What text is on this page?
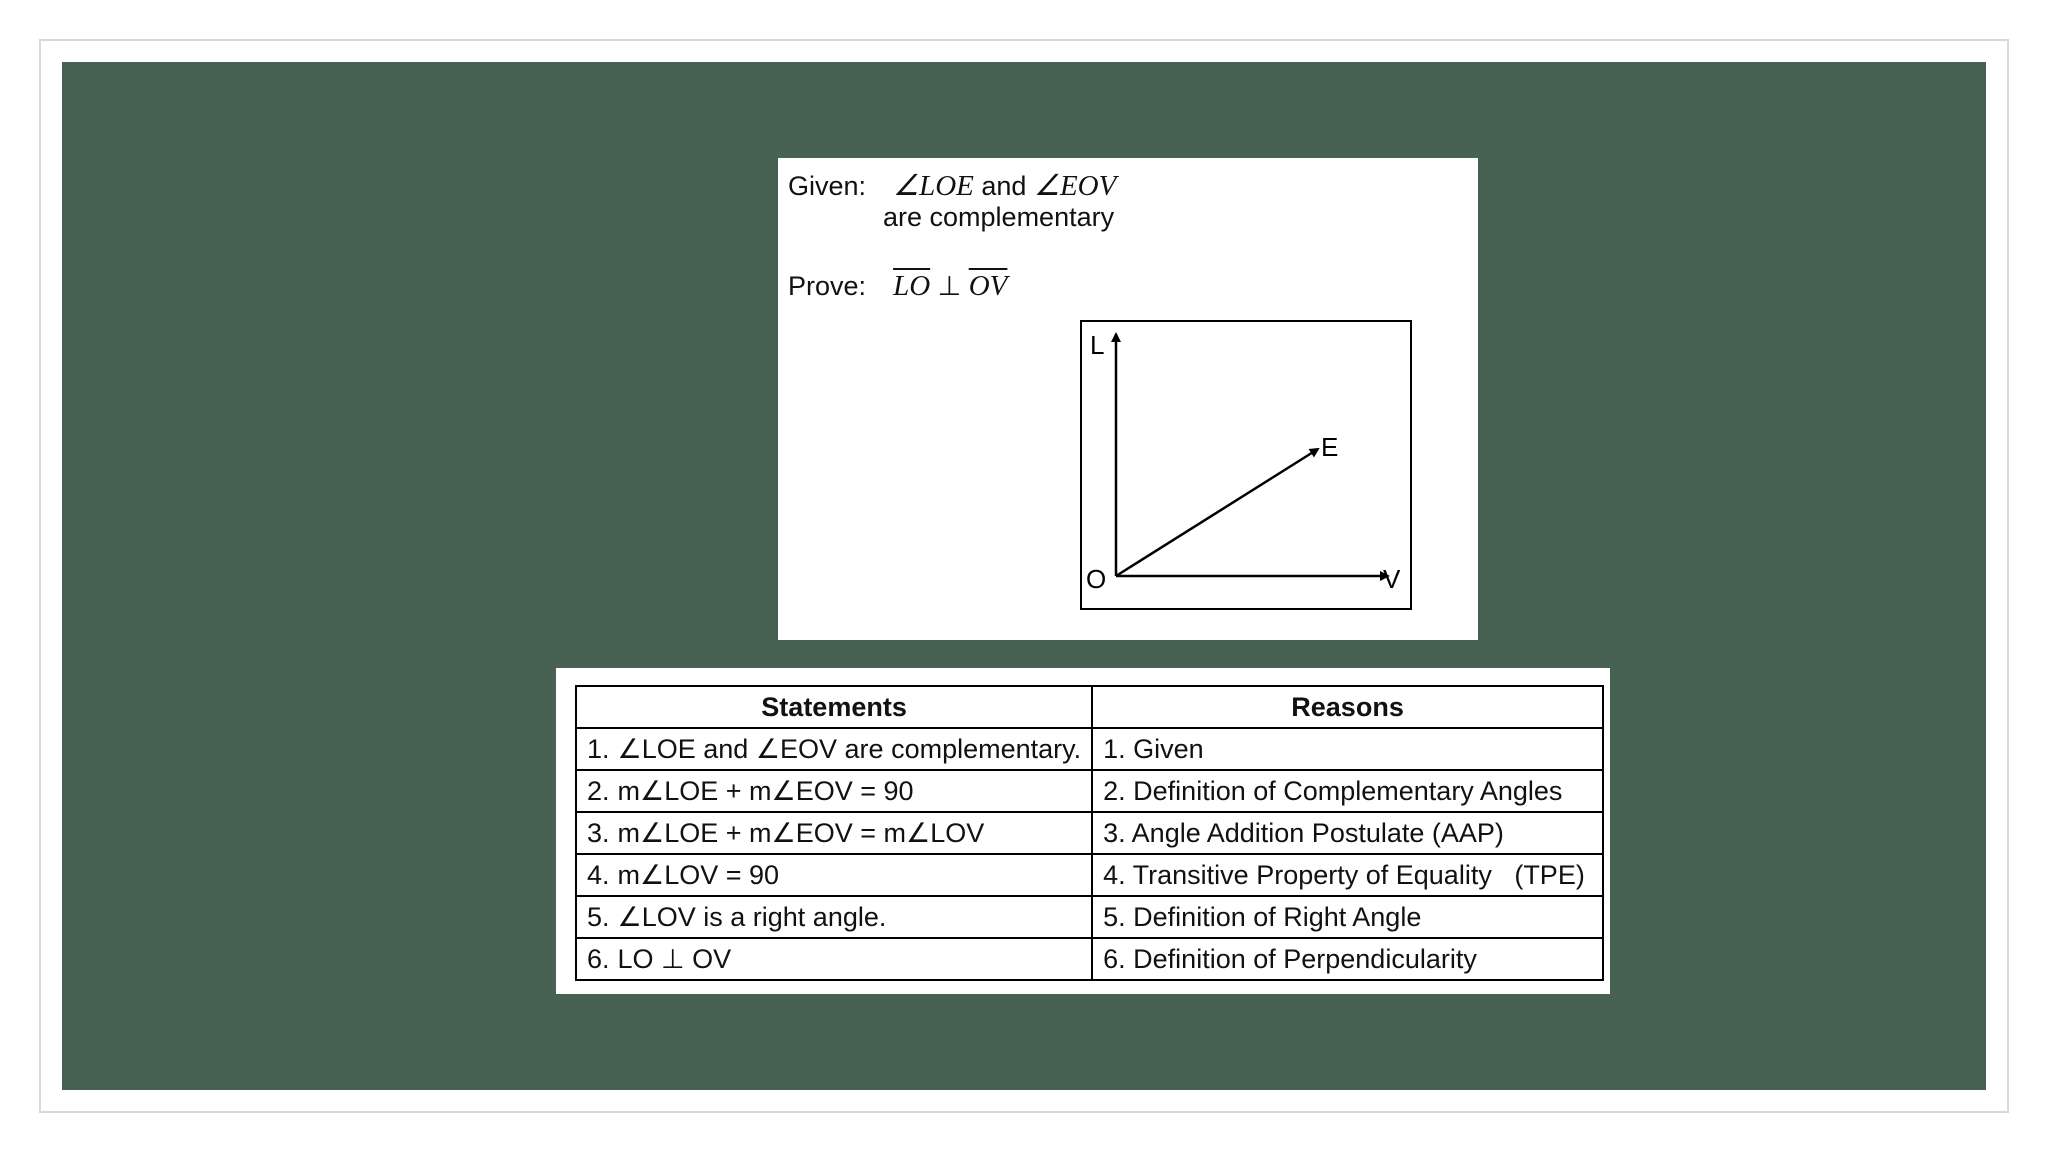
Given: ∠LOE and ∠EOV
are complementary
Prove: $\overline{LO}$ ⊥ $\overline{OV}$
L
E
O	V
Statements	Reasons
1. ∠LOE and ∠EOV are complementary.	1. Given
2. m∠LOE + m∠EOV = 90	2. Definition of Complementary Angles
3. m∠LOE + m∠EOV = m∠LOV	3. Angle Addition Postulate (AAP)
4. m∠LOV = 90	4. Transitive Property of Equality   (TPE)
5. ∠LOV is a right angle.	5. Definition of Right Angle
6. LO ⊥ OV	6. Definition of Perpendicularity
